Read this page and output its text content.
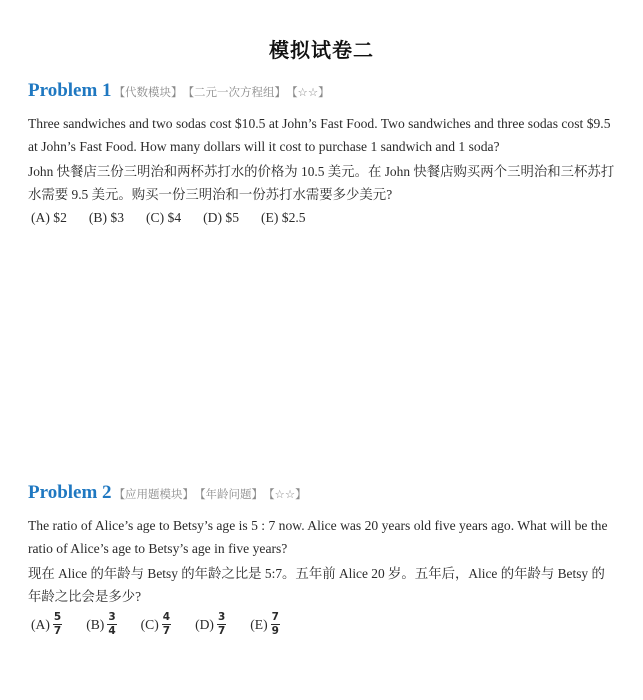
模拟试卷二
Problem 1 【代数模块】 【二元一次方程组】 【☆☆】

Three sandwiches and two sodas cost $10.5 at John’s Fast Food. Two sandwiches and three sodas cost $9.5 at John’s Fast Food. How many dollars will it cost to purchase 1 sandwich and 1 soda?

John 快餐店三份三明治和两杯苏打水的价格为 10.5 美元。在 John 快餐店购买两个三明治和三杯苏打水需要 9.5 美元。购买一份三明治和一份苏打水需要多少美元?

(A)
$2 (B)
$3 (C)
$4 (D)
$5 (E)
$2.5
Problem 2 【应用题模块】 【年龄问题】 【☆☆】

The ratio of Alice’s age to Betsy’s age is 5 : 7 now. Alice was 20 years old five years ago. What will be the ratio of Alice’s age to Betsy’s age in five years?

现在 Alice 的年龄与 Betsy 的年龄之比是 5:7。五年前 Alice 20 岁。五年后，Alice 的年龄与 Betsy 的年龄之比会是多少?

$(A) \frac{5}{7} (B) \frac{3}{4} (C) \frac{4}{7} (D) \frac{3}{7} (E) \frac{7}{9}$
